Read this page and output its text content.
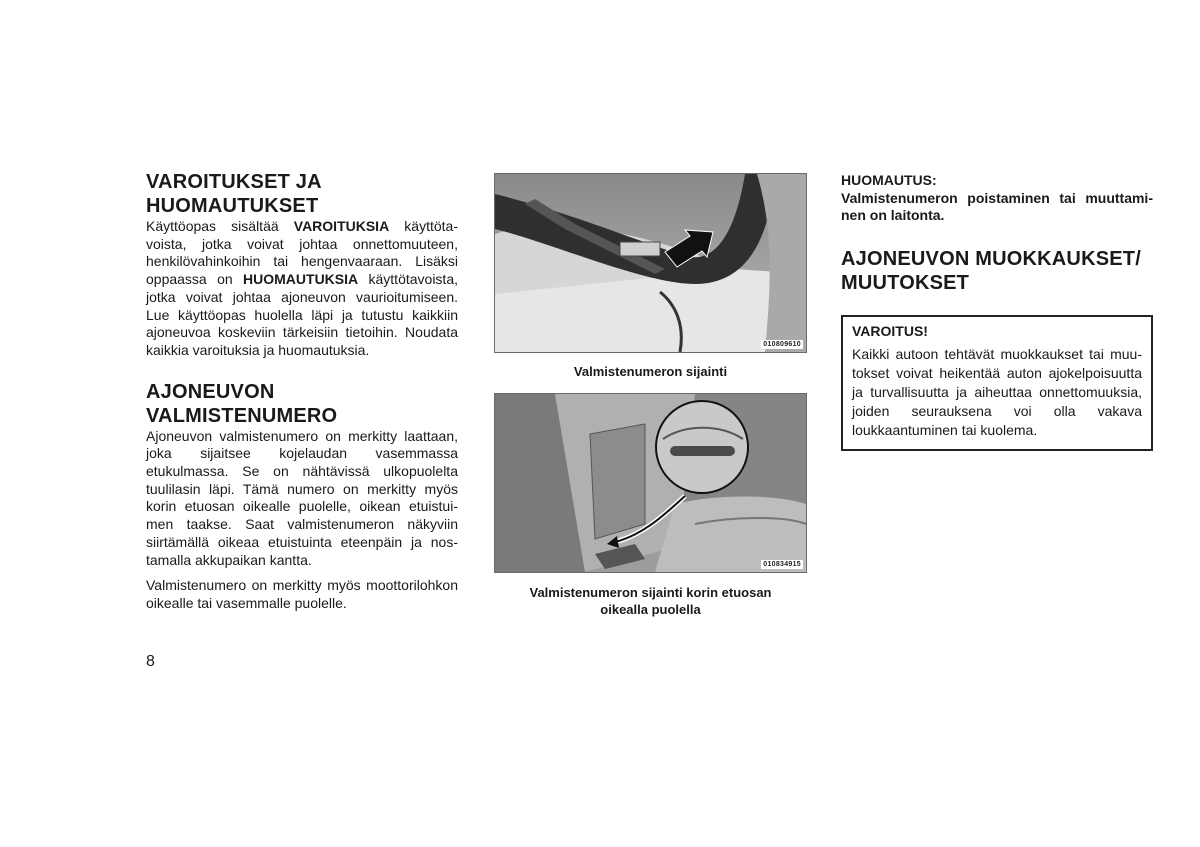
VAROITUKSET JA
HUOMAUTUKSET

Käyttöopas sisältää VAROITUKSIA käyttötavoista, jotka voivat johtaa onnettomuuteen, henkilövahinkoihin tai hengenvaaraan. Lisäksi oppaassa on HUOMAUTUKSIA käyttötavoista, jotka voivat johtaa ajoneuvon vaurioitumiseen. Lue käyttöopas huolella läpi ja tutustu kaikkiin ajoneuvoa koskeviin tärkeisiin tietoihin. Noudata kaikkia varoituksia ja huomautuksia.

AJONEUVON
VALMISTENUMERO

Ajoneuvon valmistenumero on merkitty laattaan, joka sijaitsee kojelaudan vasemmassa etukulmassa. Se on nähtävissä ulkopuolelta tuulilasin läpi. Tämä numero on merkitty myös korin etuosan oikealle puolelle, oikean etuistuimen taakse. Saat valmistenumeron näkyviin siirtämällä oikeaa etuistuinta eteenpäin ja nostamalla akkupaikan kantta.

Valmistenumero on merkitty myös moottorilohkon oikealle tai vasemmalle puolelle.

010809610
Valmistenumeron sijainti
010834915
Valmistenumeron sijainti korin etuosan
oikealla puolella
HUOMAUTUS:
Valmistenumeron poistaminen tai muuttaminen on laitonta.
AJONEUVON MUOKKAUKSET/
MUUTOKSET
VAROITUS!
Kaikki autoon tehtävät muokkaukset tai muutokset voivat heikentää auton ajokelpoisuutta ja turvallisuutta ja aiheuttaa onnettomuuksia, joiden seurauksena voi olla vakava loukkaantuminen tai kuolema.
8
